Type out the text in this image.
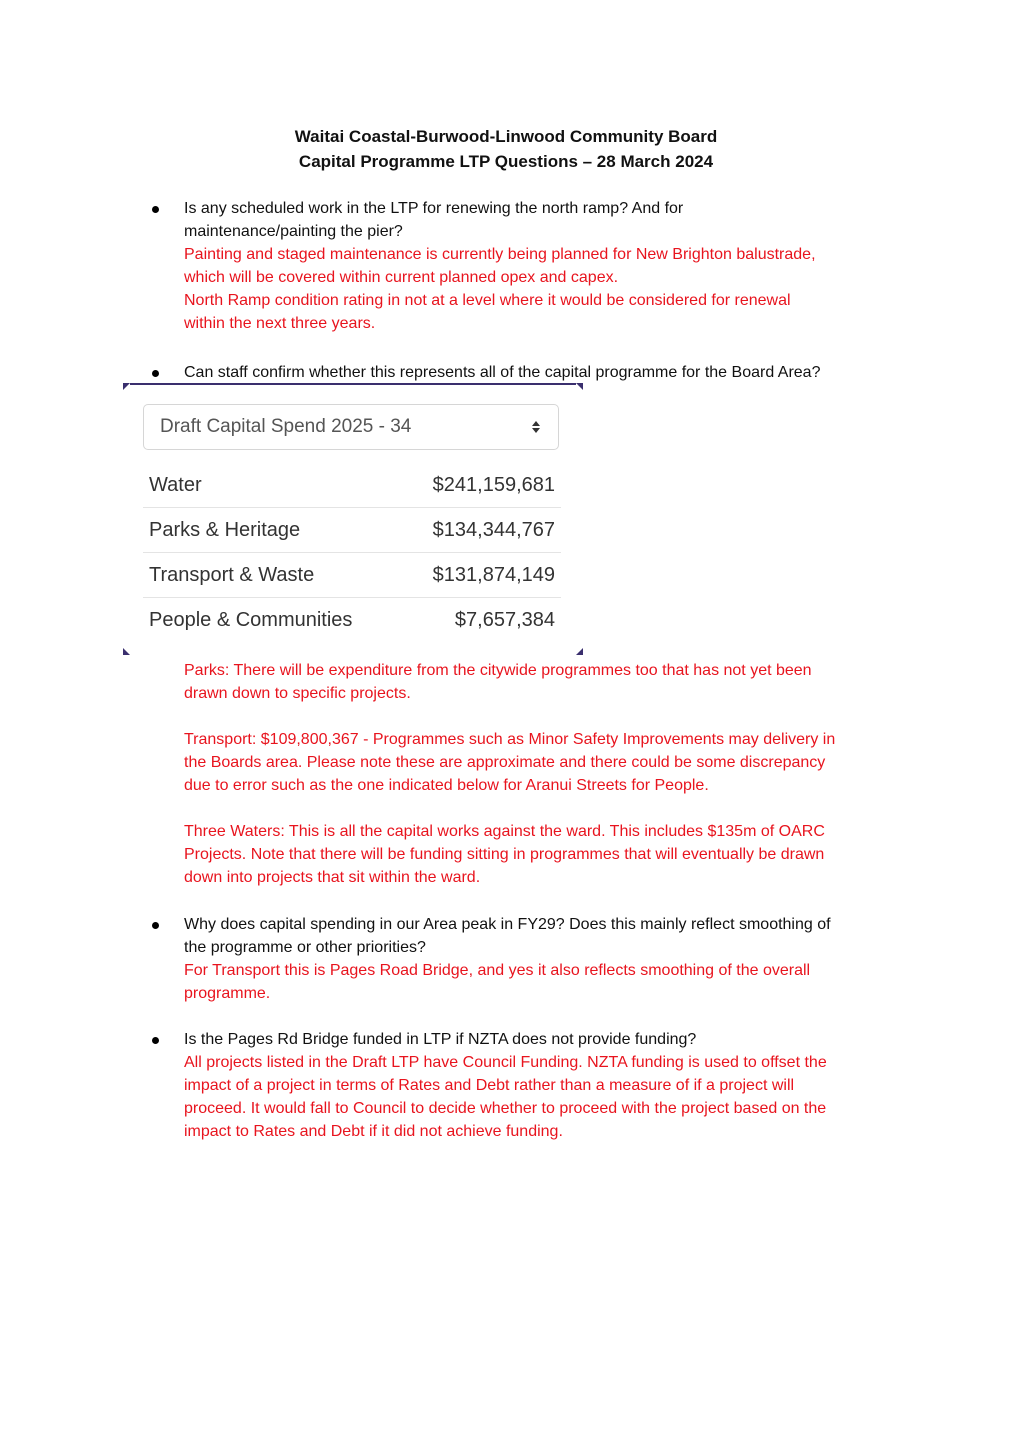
Waitai Coastal-Burwood-Linwood Community Board
Capital Programme LTP Questions – 28 March 2024
Is any scheduled work in the LTP for renewing the north ramp? And for
maintenance/painting the pier?
Painting and staged maintenance is currently being planned for New Brighton balustrade,
which will be covered within current planned opex and capex.
North Ramp condition rating in not at a level where it would be considered for renewal
within the next three years.
Can staff confirm whether this represents all of the capital programme for the Board Area?
Draft Capital Spend 2025 - 34
Water	$241,159,681
Parks & Heritage	$134,344,767
Transport & Waste	$131,874,149
People & Communities	$7,657,384
Parks: There will be expenditure from the citywide programmes too that has not yet been
drawn down to specific projects.
Transport: $109,800,367 - Programmes such as Minor Safety Improvements may delivery in
the Boards area. Please note these are approximate and there could be some discrepancy
due to error such as the one indicated below for Aranui Streets for People.
Three Waters: This is all the capital works against the ward. This includes $135m of OARC
Projects. Note that there will be funding sitting in programmes that will eventually be drawn
down into projects that sit within the ward.
Why does capital spending in our Area peak in FY29? Does this mainly reflect smoothing of
the programme or other priorities?
For Transport this is Pages Road Bridge, and yes it also reflects smoothing of the overall
programme.
Is the Pages Rd Bridge funded in LTP if NZTA does not provide funding?
All projects listed in the Draft LTP have Council Funding. NZTA funding is used to offset the
impact of a project in terms of Rates and Debt rather than a measure of if a project will
proceed. It would fall to Council to decide whether to proceed with the project based on the
impact to Rates and Debt if it did not achieve funding.
